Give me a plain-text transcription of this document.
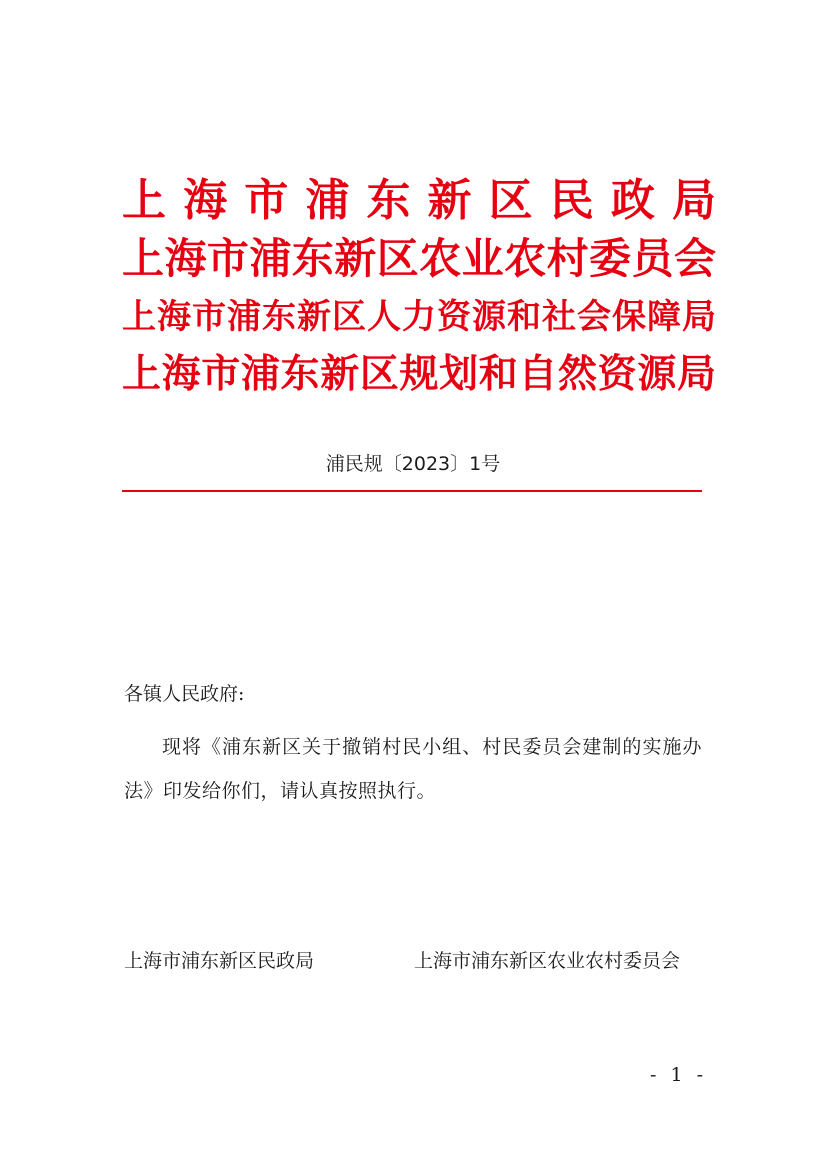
上海市浦东新区民政局
上海市浦东新区农业农村委员会
上海市浦东新区人力资源和社会保障局
上海市浦东新区规划和自然资源局
浦民规〔2023〕1号
各镇人民政府:
现将《浦东新区关于撤销村民小组、村民委员会建制的实施办法》印发给你们，请认真按照执行。
上海市浦东新区民政局	上海市浦东新区农业农村委员会
- 1 -
